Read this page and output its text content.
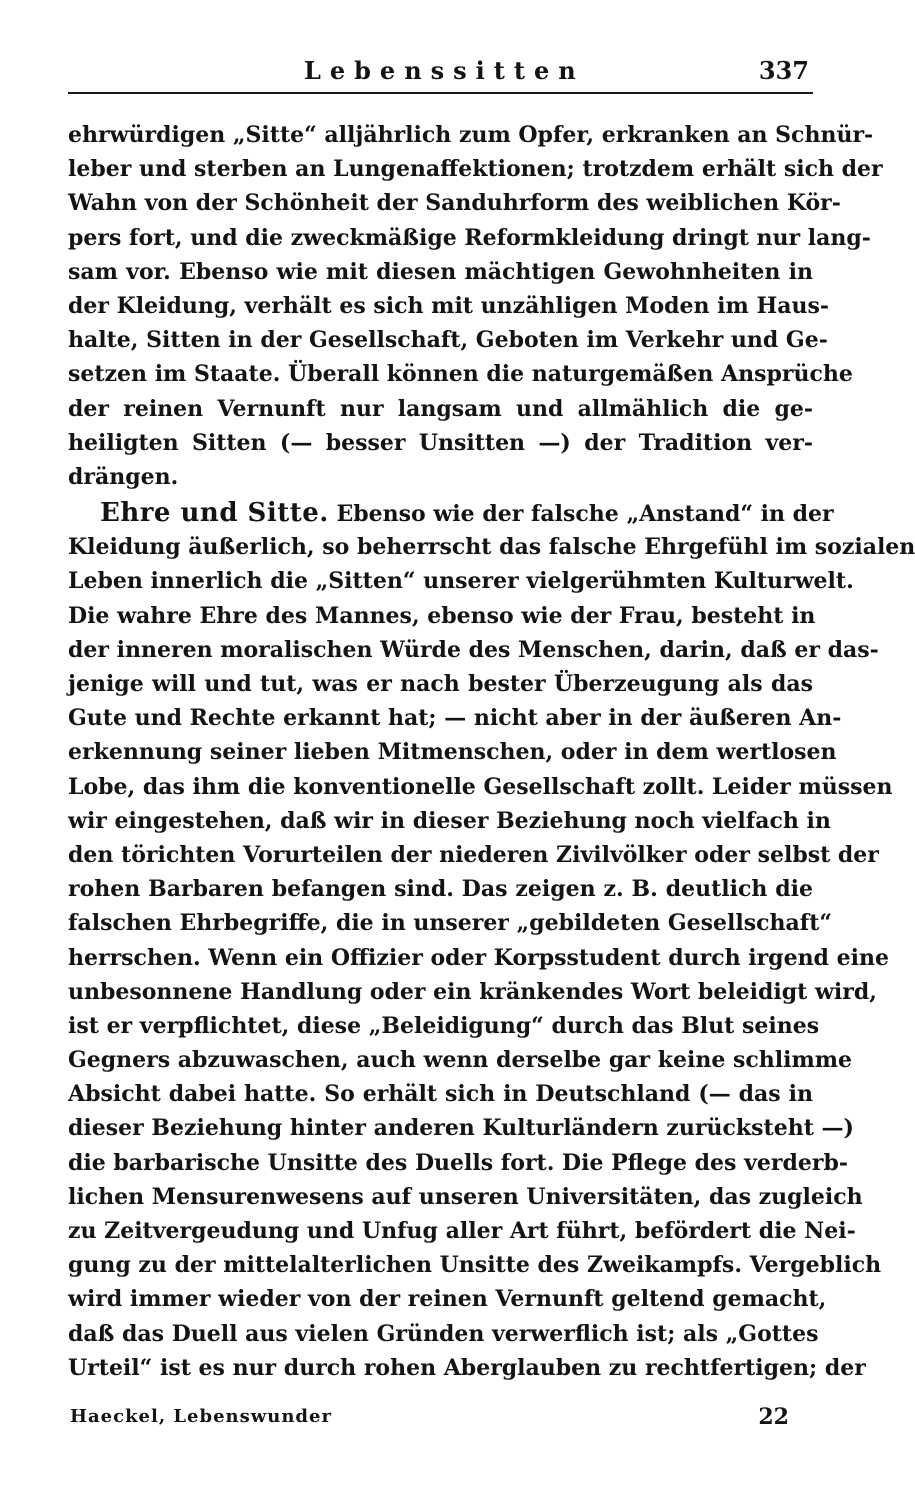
Lebenssitten	337
ehrwürdigen „Sitte“ alljährlich zum Opfer, erkranken an Schnür-
leber und sterben an Lungenaffektionen; trotzdem erhält sich der
Wahn von der Schönheit der Sanduhrform des weiblichen Kör-
pers fort, und die zweckmäßige Reformkleidung dringt nur lang-
sam vor. Ebenso wie mit diesen mächtigen Gewohnheiten in
der Kleidung, verhält es sich mit unzähligen Moden im Haus-
halte, Sitten in der Gesellschaft, Geboten im Verkehr und Ge-
setzen im Staate. Überall können die naturgemäßen Ansprüche
der reinen Vernunft nur langsam und allmählich die ge-
heiligten Sitten (— besser Unsitten —) der Tradition ver-
drängen.
Ehre und Sitte. Ebenso wie der falsche „Anstand“ in der
Kleidung äußerlich, so beherrscht das falsche Ehrgefühl im sozialen
Leben innerlich die „Sitten“ unserer vielgerühmten Kulturwelt.
Die wahre Ehre des Mannes, ebenso wie der Frau, besteht in
der inneren moralischen Würde des Menschen, darin, daß er das-
jenige will und tut, was er nach bester Überzeugung als das
Gute und Rechte erkannt hat; — nicht aber in der äußeren An-
erkennung seiner lieben Mitmenschen, oder in dem wertlosen
Lobe, das ihm die konventionelle Gesellschaft zollt. Leider müssen
wir eingestehen, daß wir in dieser Beziehung noch vielfach in
den törichten Vorurteilen der niederen Zivilvölker oder selbst der
rohen Barbaren befangen sind. Das zeigen z. B. deutlich die
falschen Ehrbegriffe, die in unserer „gebildeten Gesellschaft“
herrschen. Wenn ein Offizier oder Korpsstudent durch irgend eine
unbesonnene Handlung oder ein kränkendes Wort beleidigt wird,
ist er verpflichtet, diese „Beleidigung“ durch das Blut seines
Gegners abzuwaschen, auch wenn derselbe gar keine schlimme
Absicht dabei hatte. So erhält sich in Deutschland (— das in
dieser Beziehung hinter anderen Kulturländern zurücksteht —)
die barbarische Unsitte des Duells fort. Die Pflege des verderb-
lichen Mensurenwesens auf unseren Universitäten, das zugleich
zu Zeitvergeudung und Unfug aller Art führt, befördert die Nei-
gung zu der mittelalterlichen Unsitte des Zweikampfs. Vergeblich
wird immer wieder von der reinen Vernunft geltend gemacht,
daß das Duell aus vielen Gründen verwerflich ist; als „Gottes
Urteil“ ist es nur durch rohen Aberglauben zu rechtfertigen; der
Haeckel, Lebenswunder	22
